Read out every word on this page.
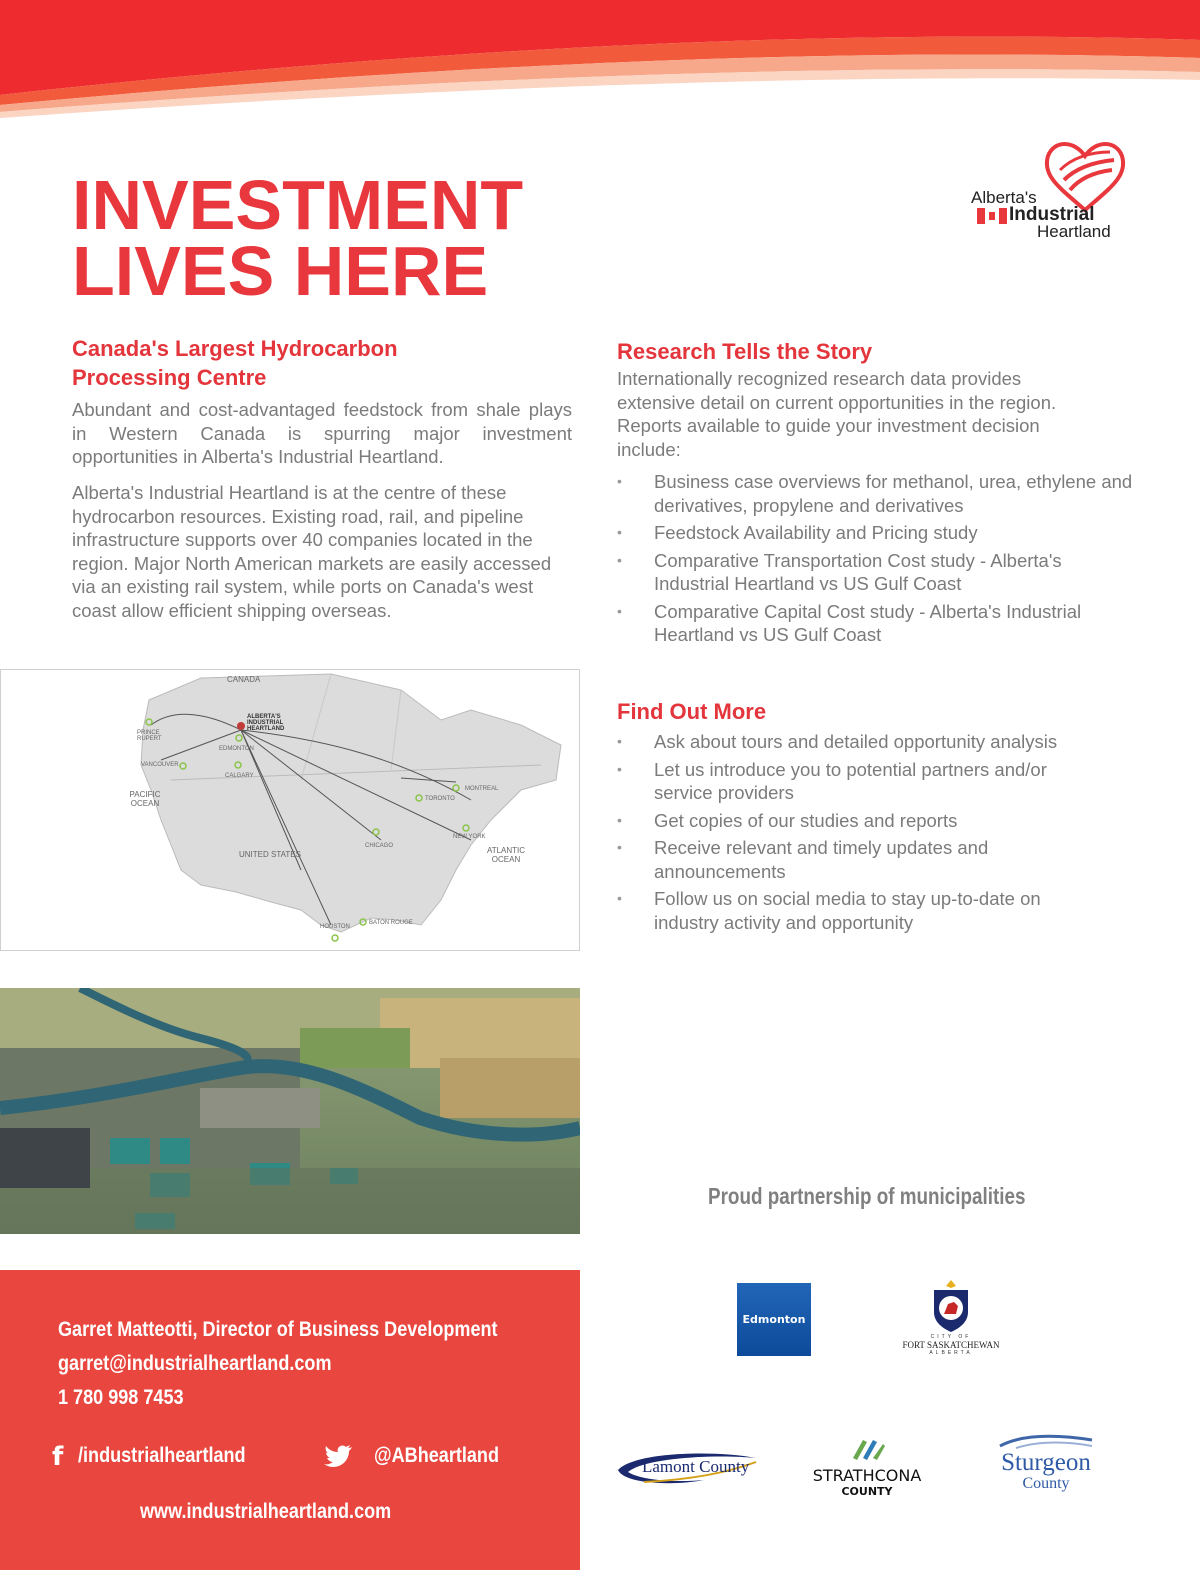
INVESTMENT
LIVES HERE
Alberta's
Industrial
Heartland
Canada's Largest Hydrocarbon Processing Centre
Abundant and cost-advantaged feedstock from shale plays in Western Canada is spurring major investment opportunities in Alberta's Industrial Heartland.
Alberta's Industrial Heartland is at the centre of these hydrocarbon resources. Existing road, rail, and pipeline infrastructure supports over 40 companies located in the region. Major North American markets are easily accessed via an existing rail system, while ports on Canada's west coast allow efficient shipping overseas.
Research Tells the Story
Internationally recognized research data provides extensive detail on current opportunities in the region. Reports available to guide your investment decision include:
• Business case overviews for methanol, urea, ethylene and derivatives, propylene and derivatives
• Feedstock Availability and Pricing study
• Comparative Transportation Cost study - Alberta's Industrial Heartland vs US Gulf Coast
• Comparative Capital Cost study - Alberta's Industrial Heartland vs US Gulf Coast
Find Out More
• Ask about tours and detailed opportunity analysis
• Let us introduce you to potential partners and/or service providers
• Get copies of our studies and reports
• Receive relevant and timely updates and announcements
• Follow us on social media to stay up-to-date on industry activity and opportunity
CANADA
ALBERTA'S INDUSTRIAL HEARTLAND
PRINCE RUPERT
EDMONTON
VANCOUVER
CALGARY
PACIFIC OCEAN	TORONTO
MONTREAL
NEW YORK
ATLANTIC OCEAN
CHICAGO
UNITED STATES
HOUSTON
BATON ROUGE
Garret Matteotti, Director of Business Development
garret@industrialheartland.com
1 780 998 7453
f /industrialheartland	@ABheartland
www.industrialheartland.com
Proud partnership of municipalities
Edmonton
CITY OF
FORT SASKATCHEWAN
ALBERTA
Lamont County	STRATHCONA
COUNTY
Sturgeon
County
